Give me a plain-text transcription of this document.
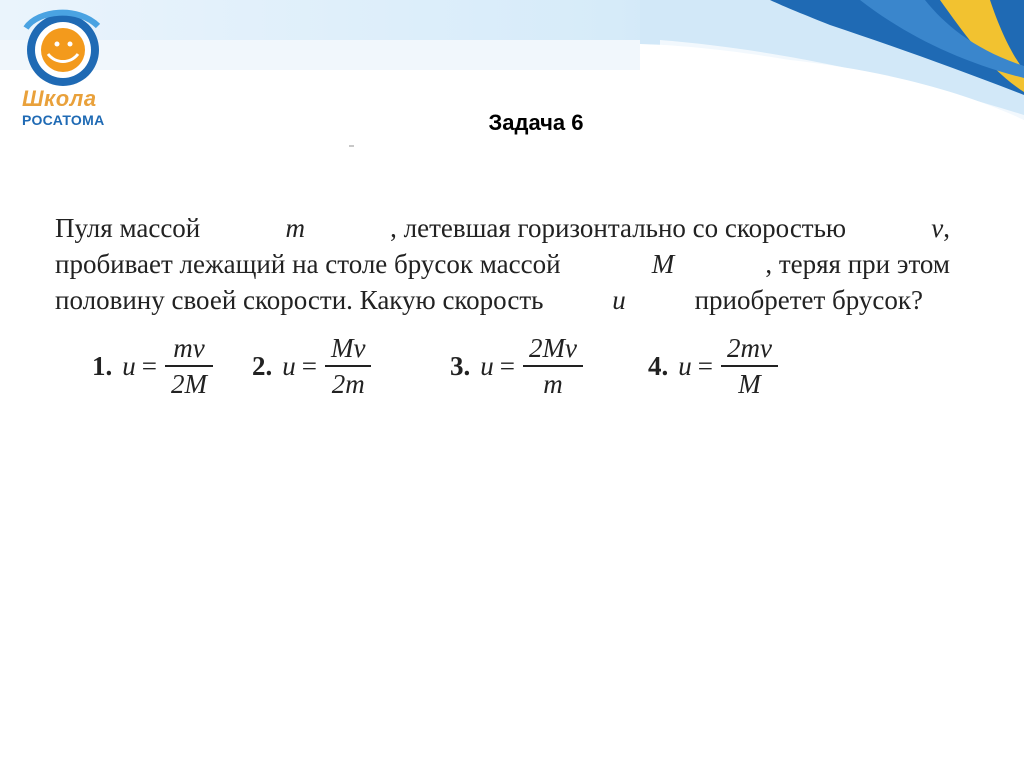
Школа
РОСАТОМА	Задача 6
Пуля массой	m	, летевшая горизонтально со скоростью	v,
пробивает лежащий на столе брусок массой	M	, теряя при этом
половину своей скорости. Какую скорость	u	приобретет брусок?
1. $u = \frac{mv}{2M} 2$. $u = \frac{Mv}{2m}$	3. $u = \frac{2Mv}{m} 4$. $u = \frac{2mv}{M}$
